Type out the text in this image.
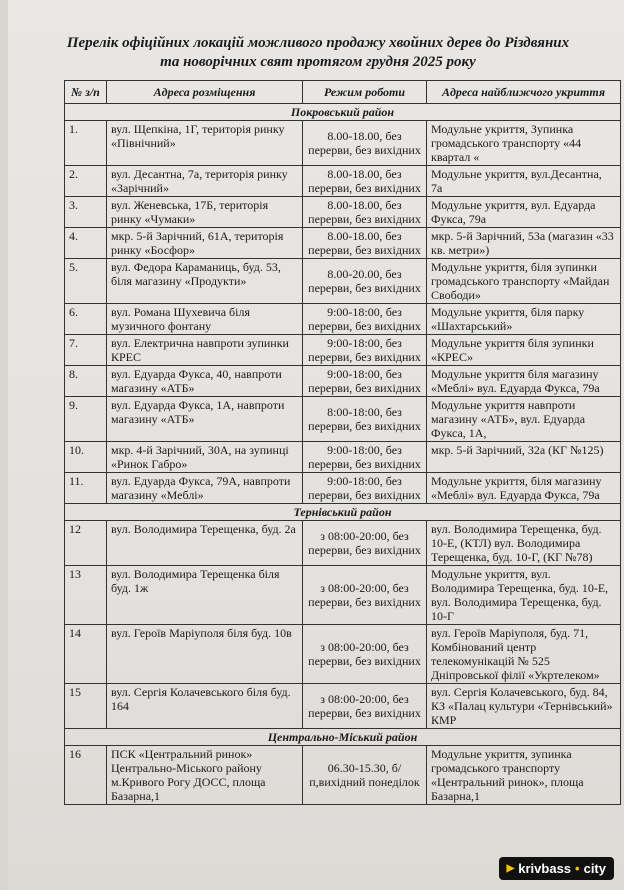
Перелік офіційних локацій можливого продажу хвойних дерев до Різдвяних
та новорічних свят протягом грудня 2025 року
№ з/п	Адреса розміщення	Режим роботи	Адреса найближчого укриття
Покровський район			
1.	вул. Щепкіна, 1Г, територія ринку «Північний»	8.00-18.00, без перерви, без вихідних	Модульне укриття, Зупинка громадського транспорту «44 квартал «
2.	вул. Десантна, 7а, територія ринку «Зарічний»	8.00-18.00, без перерви, без вихідних	Модульне укриття, вул.Десантна, 7а
3.	вул. Женевська, 17Б, територія ринку «Чумаки»	8.00-18.00, без перерви, без вихідних	Модульне укриття, вул. Едуарда Фукса, 79а
4.	мкр. 5-й Зарічний, 61А, територія ринку «Босфор»	8.00-18.00, без перерви, без вихідних	мкр. 5-й Зарічний, 53а (магазин «33 кв. метри»)
5.	вул. Федора Караманиць, буд. 53, біля магазину «Продукти»	8.00-20.00, без перерви, без вихідних	Модульне укриття, біля зупинки громадського транспорту «Майдан Свободи»
6.	вул. Романа Шухевича біля музичного фонтану	9:00-18:00, без перерви, без вихідних	Модульне укриття, біля парку «Шахтарський»
7.	вул. Електрична навпроти зупинки КРЕС	9:00-18:00, без перерви, без вихідних	Модульне укриття біля зупинки «КРЕС»
8.	вул. Едуарда Фукса, 40, навпроти магазину «АТБ»	9:00-18:00, без перерви, без вихідних	Модульне укриття біля магазину «Меблі» вул. Едуарда Фукса, 79а
9.	вул. Едуарда Фукса, 1А, навпроти магазину «АТБ»	8:00-18:00, без перерви, без вихідних	Модульне укриття навпроти магазину «АТБ», вул. Едуарда Фукса, 1А,
10.	мкр. 4-й Зарічний, 30А, на зупинці «Ринок Габро»	9:00-18:00, без перерви, без вихідних	мкр. 5-й Зарічний, 32а (КГ №125)
11.	вул. Едуарда Фукса, 79А, навпроти магазину «Меблі»	9:00-18:00, без перерви, без вихідних	Модульне укриття, біля магазину «Меблі» вул. Едуарда Фукса, 79а
Тернівський район			
12	вул. Володимира Терещенка, буд. 2а	з 08:00-20:00, без перерви, без вихідних	вул. Володимира Терещенка, буд. 10-Е, (КТЛ) вул. Володимира Терещенка, буд. 10-Г, (КГ №78)
13	вул. Володимира Терещенка біля буд. 1ж	з 08:00-20:00, без перерви, без вихідних	Модульне укриття, вул. Володимира Терещенка, буд. 10-Е, вул. Володимира Терещенка, буд. 10-Г
14	вул. Героїв Маріуполя біля буд. 10в	з 08:00-20:00, без перерви, без вихідних	вул. Героїв Маріуполя, буд. 71, Комбінований центр телекомунікацій № 525 Дніпровської філії «Укртелеком»
15	вул. Сергія Колачевського біля буд. 164	з 08:00-20:00, без перерви, без вихідних	вул. Сергія Колачевського, буд. 84, КЗ «Палац культури «Тернівський» КМР
Центрально-Міський район			
16	ПСК «Центральний ринок» Центрально-Міського району м.Кривого Рогу ДОСС, площа Базарна,1	06.30-15.30, б/п,вихідний понеділок	Модульне укриття, зупинка громадського транспорту «Центральний ринок», площа Базарна,1
▶ krivbass • city
